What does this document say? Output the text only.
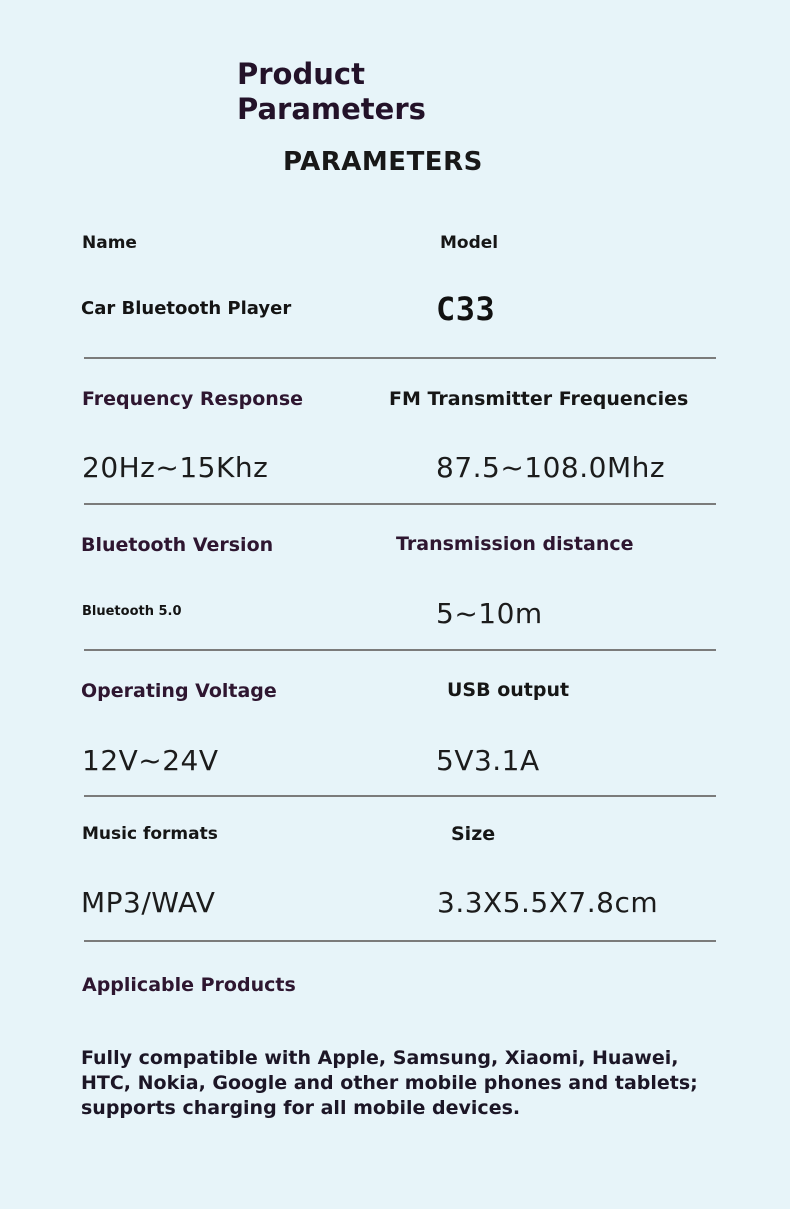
Product Parameters
PARAMETERS
Name	Model
Car Bluetooth Player	C33
Frequency Response	FM Transmitter Frequencies
20Hz~15Khz	87.5~108.0Mhz
Bluetooth Version	Transmission distance
Bluetooth 5.0	5~10m
Operating Voltage	USB output
12V~24V	5V3.1A
Music formats	Size
MP3/WAV	3.3X5.5X7.8cm
Applicable Products

Fully compatible with Apple, Samsung, Xiaomi, Huawei, HTC, Nokia, Google and other mobile phones and tablets; supports charging for all mobile devices.
